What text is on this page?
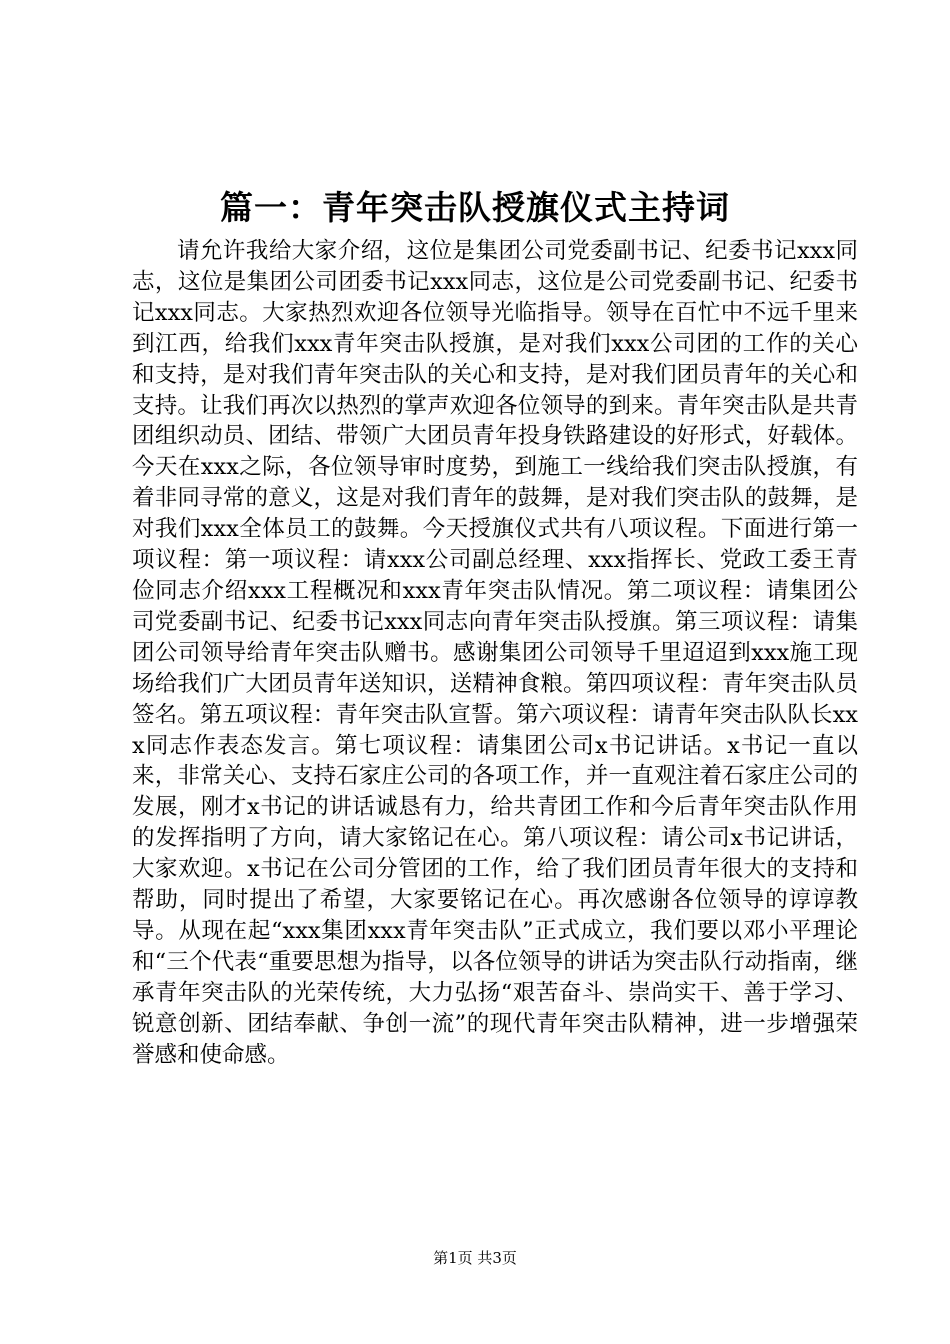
篇一：青年突击队授旗仪式主持词

请允许我给大家介绍，这位是集团公司党委副书记、纪委书记xxx同志，这位是集团公司团委书记xxx同志，这位是公司党委副书记、纪委书记xxx同志。大家热烈欢迎各位领导光临指导。领导在百忙中不远千里来到江西，给我们xxx青年突击队授旗，是对我们xxx公司团的工作的关心和支持，是对我们青年突击队的关心和支持，是对我们团员青年的关心和支持。让我们再次以热烈的掌声欢迎各位领导的到来。青年突击队是共青团组织动员、团结、带领广大团员青年投身铁路建设的好形式，好载体。今天在xxx之际，各位领导审时度势，到施工一线给我们突击队授旗，有着非同寻常的意义，这是对我们青年的鼓舞，是对我们突击队的鼓舞，是对我们xxx全体员工的鼓舞。今天授旗仪式共有八项议程。下面进行第一项议程：第一项议程：请xxx公司副总经理、xxx指挥长、党政工委王青俭同志介绍xxx工程概况和xxx青年突击队情况。第二项议程：请集团公司党委副书记、纪委书记xxx同志向青年突击队授旗。第三项议程：请集团公司领导给青年突击队赠书。感谢集团公司领导千里迢迢到xxx施工现场给我们广大团员青年送知识，送精神食粮。第四项议程：青年突击队员签名。第五项议程：青年突击队宣誓。第六项议程：请青年突击队队长xxx同志作表态发言。第七项议程：请集团公司x书记讲话。x书记一直以来，非常关心、支持石家庄公司的各项工作，并一直观注着石家庄公司的发展，刚才x书记的讲话诚恳有力，给共青团工作和今后青年突击队作用的发挥指明了方向，请大家铭记在心。第八项议程：请公司x书记讲话，大家欢迎。x书记在公司分管团的工作，给了我们团员青年很大的支持和帮助，同时提出了希望，大家要铭记在心。再次感谢各位领导的谆谆教导。从现在起“xxx集团xxx青年突击队”正式成立，我们要以邓小平理论和“三个代表“重要思想为指导，以各位领导的讲话为突击队行动指南，继承青年突击队的光荣传统，大力弘扬“艰苦奋斗、崇尚实干、善于学习、锐意创新、团结奉献、争创一流”的现代青年突击队精神，进一步增强荣誉感和使命感。

第1页 共3页
